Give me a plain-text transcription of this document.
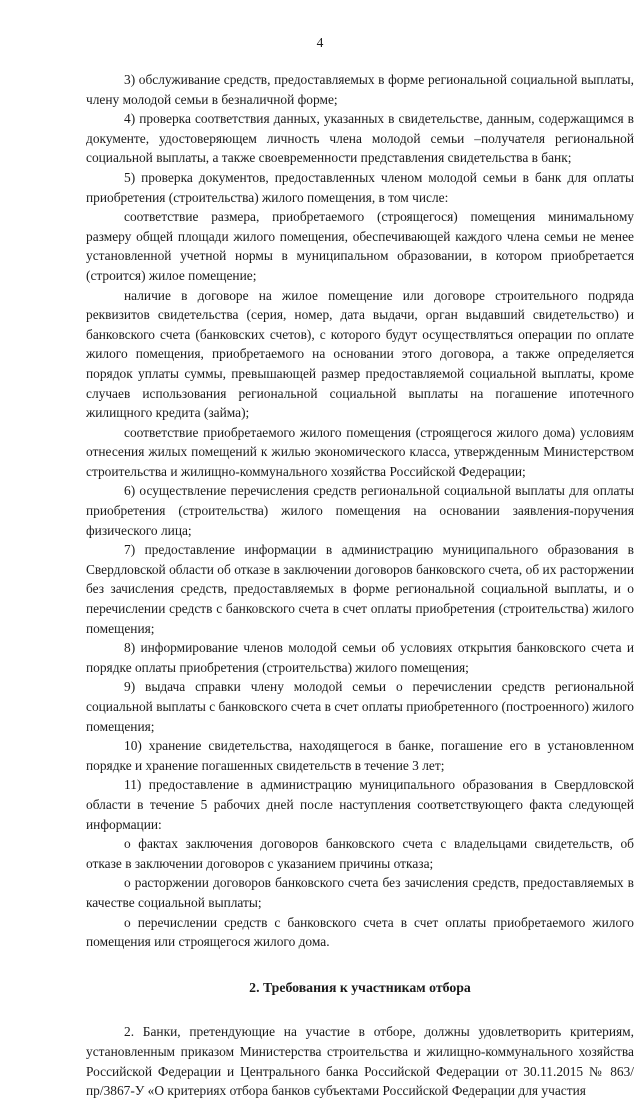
4

3) обслуживание средств, предоставляемых в форме региональной социальной выплаты, члену молодой семьи в безналичной форме;

4) проверка соответствия данных, указанных в свидетельстве, данным, содержащимся в документе, удостоверяющем личность члена молодой семьи –получателя региональной социальной выплаты, а также своевременности представления свидетельства в банк;

5) проверка документов, предоставленных членом молодой семьи в банк для оплаты приобретения (строительства) жилого помещения, в том числе:

соответствие размера, приобретаемого (строящегося) помещения минимальному размеру общей площади жилого помещения, обеспечивающей каждого члена семьи не менее установленной учетной нормы в муниципальном образовании, в котором приобретается (строится) жилое помещение;

наличие в договоре на жилое помещение или договоре строительного подряда реквизитов свидетельства (серия, номер, дата выдачи, орган выдавший свидетельство) и банковского счета (банковских счетов), с которого будут осуществляться операции по оплате жилого помещения, приобретаемого на основании этого договора, а также определяется порядок уплаты суммы, превышающей размер предоставляемой социальной выплаты, кроме случаев использования региональной социальной выплаты на погашение ипотечного жилищного кредита (займа);

соответствие приобретаемого жилого помещения (строящегося жилого дома) условиям отнесения жилых помещений к жилью экономического класса, утвержденным Министерством строительства и жилищно-коммунального хозяйства Российской Федерации;

6) осуществление перечисления средств региональной социальной выплаты для оплаты приобретения (строительства) жилого помещения на основании заявления-поручения физического лица;

7) предоставление информации в администрацию муниципального образования в Свердловской области об отказе в заключении договоров банковского счета, об их расторжении без зачисления средств, предоставляемых в форме региональной социальной выплаты, и о перечислении средств с банковского счета в счет оплаты приобретения (строительства) жилого помещения;

8) информирование членов молодой семьи об условиях открытия банковского счета и порядке оплаты приобретения (строительства) жилого помещения;

9) выдача справки члену молодой семьи о перечислении средств региональной социальной выплаты с банковского счета в счет оплаты приобретенного (построенного) жилого помещения;

10) хранение свидетельства, находящегося в банке, погашение его в установленном порядке и хранение погашенных свидетельств в течение 3 лет;

11) предоставление в администрацию муниципального образования в Свердловской области в течение 5 рабочих дней после наступления соответствующего факта следующей информации:

о фактах заключения договоров банковского счета с владельцами свидетельств, об отказе в заключении договоров с указанием причины отказа;

о расторжении договоров банковского счета без зачисления средств, предоставляемых в качестве социальной выплаты;

о перечислении средств с банковского счета в счет оплаты приобретаемого жилого помещения или строящегося жилого дома.

2. Требования к участникам отбора

2. Банки, претендующие на участие в отборе, должны удовлетворить критериям, установленным приказом Министерства строительства и жилищно-коммунального хозяйства Российской Федерации и Центрального банка Российской Федерации от 30.11.2015 № 863/пр/3867-У «О критериях отбора банков субъектами Российской Федерации для участия
